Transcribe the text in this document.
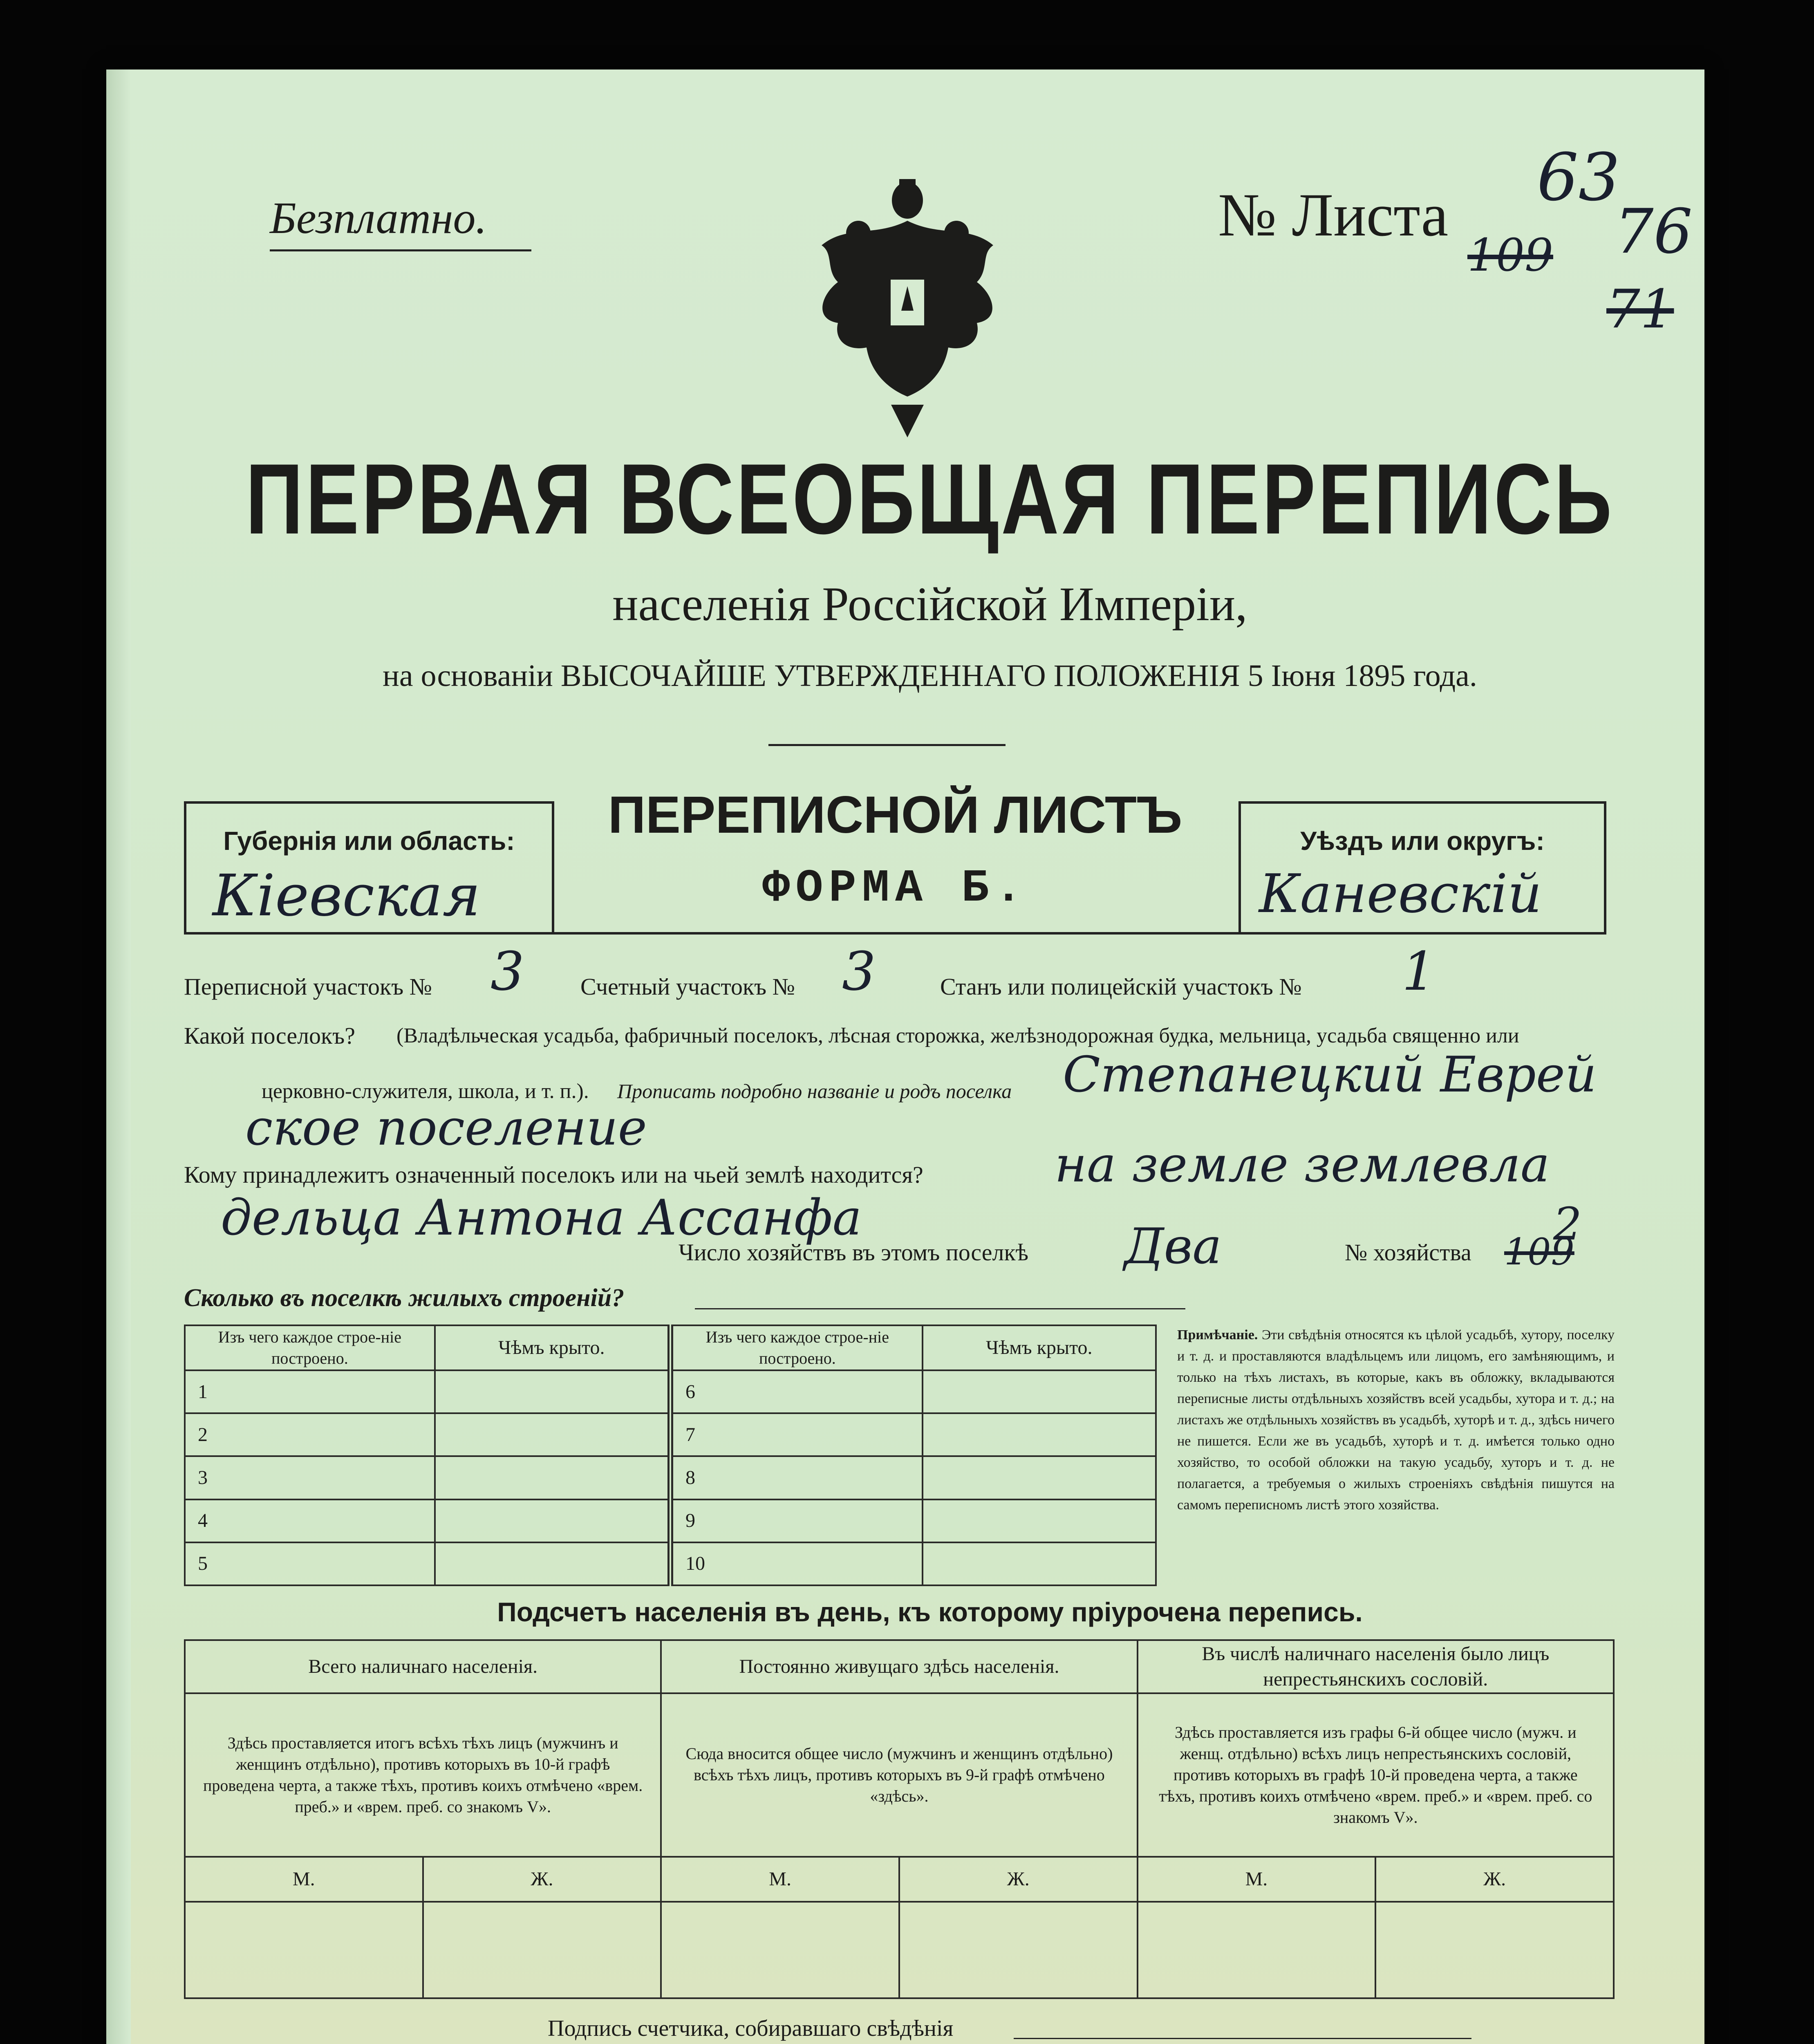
Безплатно.	№ Листа
109
63
76
71
ПЕРВАЯ ВСЕОБЩАЯ ПЕРЕПИСЬ
населенія Россійской Имперіи,
на основаніи ВЫСОЧАЙШЕ УТВЕРЖДЕННАГО ПОЛОЖЕНІЯ 5 Іюня 1895 года.
Губернія или область:
Кіевская
ПЕРЕПИСНОЙ ЛИСТЪ
ФОРМА Б.
Уѣздъ или округъ:
Каневскій
Переписной участокъ № 3 Счетный участокъ № 3	Станъ или полицейскій участокъ № 1
Какой поселокъ? (Владѣльческая усадьба, фабричный поселокъ, лѣсная сторожка, желѣзнодорожная будка, мельница, усадьба священно или
церковно-служителя, школа, и т. п.). Прописать подробно названіе и родъ поселка Степанецкий Еврей
скоe поселение
Кому принадлежитъ означенный поселокъ или на чьей землѣ находится?	на земле землевла
дельца Антона Ассанфа
Число хозяйствъ въ этомъ поселкѣ Два	№ хозяйства 109
2
Сколько въ поселкѣ жилыхъ строеній?
Изъ чего каждое строе-ніе построено.	Чѣмъ крыто.	Изъ чего каждое строе-ніе построено.	Чѣмъ крыто.
1		6	
2		7	
3		8	
4		9	
5		10	
Примѣчаніе. Эти свѣдѣнія относятся къ цѣлой усадьбѣ, хутору, поселку и т. д. и проставляются владѣльцемъ или лицомъ, его замѣняющимъ, и только на тѣхъ листахъ, въ которые, какъ въ обложку, вкладываются переписные листы отдѣльныхъ хозяйствъ всей усадьбы, хутора и т. д.; на листахъ же отдѣльныхъ хозяйствъ въ усадьбѣ, хуторѣ и т. д., здѣсь ничего не пишется. Если же въ усадьбѣ, хуторѣ и т. д. имѣется только одно хозяйство, то особой обложки на такую усадьбу, хуторъ и т. д. не полагается, а требуемыя о жилыхъ строеніяхъ свѣдѣнія пишутся на самомъ переписномъ листѣ этого хозяйства.
Подсчетъ населенія въ день, къ которому пріурочена перепись.
Всего наличнаго населенія.		Постоянно живущаго здѣсь населенія.		Въ числѣ наличнаго населенія было лицъ непрестьянскихъ сословій.	
Здѣсь проставляется итогъ всѣхъ тѣхъ лицъ (мужчинъ и женщинъ отдѣльно), противъ которыхъ въ 10-й графѣ проведена черта, а также тѣхъ, противъ коихъ отмѣчено «врем. преб.» и «врем. преб. со знакомъ V».		Сюда вносится общее число (мужчинъ и женщинъ отдѣльно) всѣхъ тѣхъ лицъ, противъ которыхъ въ 9-й графѣ отмѣчено «здѣсь».		Здѣсь проставляется изъ графы 6-й общее число (мужч. и женщ. отдѣльно) всѣхъ лицъ непрестьянскихъ сословій, противъ которыхъ въ графѣ 10-й проведена черта, а также тѣхъ, противъ коихъ отмѣчено «врем. преб.» и «врем. преб. со знакомъ V».	
М.	Ж.	М.	Ж.	М.	Ж.

Подпись счетчика, собиравшаго свѣдѣнія
